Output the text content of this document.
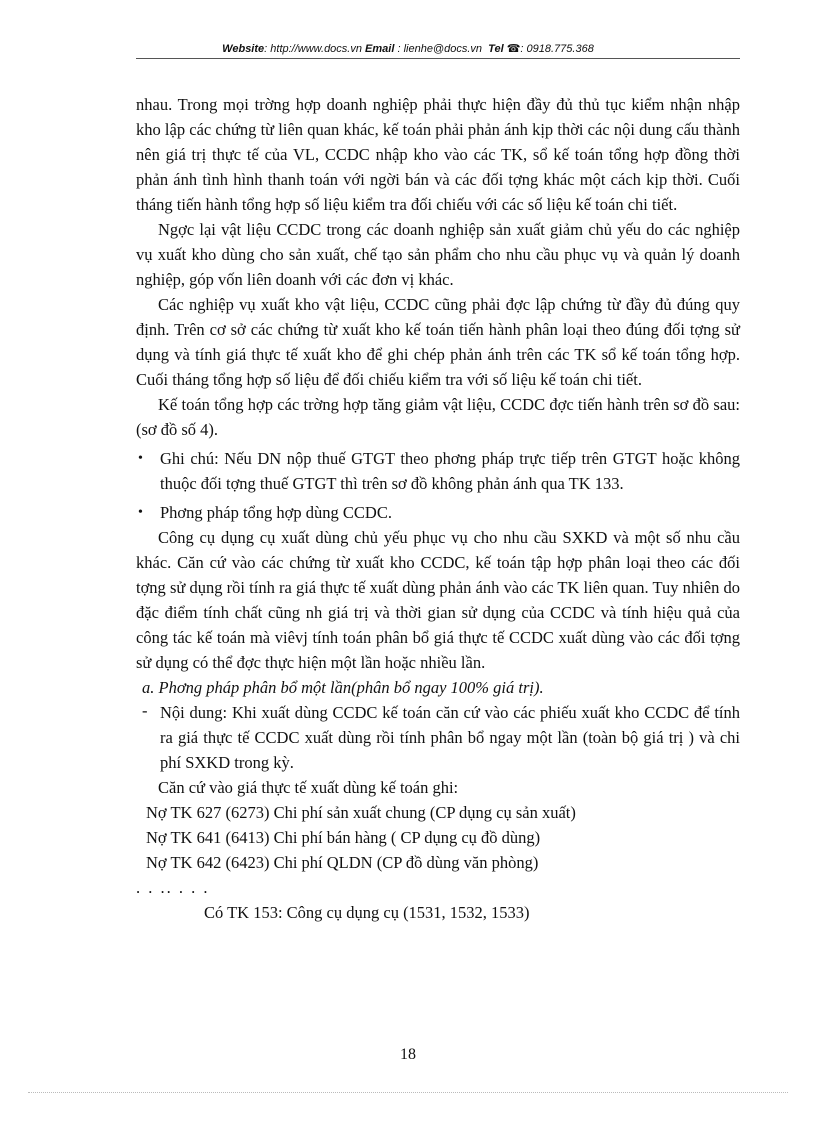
Website: http://www.docs.vn Email : lienhe@docs.vn Tel ☎: 0918.775.368

nhau. Trong mọi trờng hợp doanh nghiệp phải thực hiện đầy đủ thủ tục kiểm nhận nhập kho lập các chứng từ liên quan khác, kế toán phải phản ánh kịp thời các nội dung cấu thành nên giá trị thực tế của VL, CCDC nhập kho vào các TK, sổ kế toán tổng hợp đồng thời phản ánh tình hình thanh toán với ngời bán và các đối tợng khác một cách kịp thời. Cuối tháng tiến hành tổng hợp số liệu kiểm tra đối chiếu với các số liệu kế toán chi tiết.

Ngợc lại vật liệu CCDC trong các doanh nghiệp sản xuất giảm chủ yếu do các nghiệp vụ xuất kho dùng cho sản xuất, chế tạo sản phẩm cho nhu cầu phục vụ và quản lý doanh nghiệp, góp vốn liên doanh với các đơn vị khác.

Các nghiệp vụ xuất kho vật liệu, CCDC cũng phải đợc lập chứng từ đầy đủ đúng quy định. Trên cơ sở các chứng từ xuất kho kế toán tiến hành phân loại theo đúng đối tợng sử dụng và tính giá thực tế xuất kho để ghi chép phản ánh trên các TK sổ kế toán tổng hợp. Cuối tháng tổng hợp số liệu để đối chiếu kiểm tra với số liệu kế toán chi tiết.

Kế toán tổng hợp các trờng hợp tăng giảm vật liệu, CCDC đợc tiến hành trên sơ đồ sau: (sơ đồ số 4).

• Ghi chú: Nếu DN nộp thuế GTGT theo phơng pháp trực tiếp trên GTGT hoặc không thuộc đối tợng thuế GTGT thì trên sơ đồ không phản ánh qua TK 133.

• Phơng pháp tổng hợp dùng CCDC.

Công cụ dụng cụ xuất dùng chủ yếu phục vụ cho nhu cầu SXKD và một số nhu cầu khác. Căn cứ vào các chứng từ xuất kho CCDC, kế toán tập hợp phân loại theo các đối tợng sử dụng rồi tính ra giá thực tế xuất dùng phản ánh vào các TK liên quan. Tuy nhiên do đặc điểm tính chất cũng nh giá trị và thời gian sử dụng của CCDC và tính hiệu quả của công tác kế toán mà viêvj tính toán phân bổ giá thực tế CCDC xuất dùng vào các đối tợng sử dụng có thể đợc thực hiện một lần hoặc nhiều lần.

a. Phơng pháp phân bổ một lần(phân bổ ngay 100% giá trị).

- Nội dung: Khi xuất dùng CCDC kế toán căn cứ vào các phiếu xuất kho CCDC để tính ra giá thực tế CCDC xuất dùng rồi tính phân bổ ngay một lần (toàn bộ giá trị ) và chi phí SXKD trong kỳ.

Căn cứ vào giá thực tế xuất dùng kế toán ghi:

Nợ TK 627 (6273) Chi phí sản xuất chung (CP dụng cụ sản xuất)

Nợ TK 641 (6413) Chi phí bán hàng ( CP dụng cụ đồ dùng)

Nợ TK 642 (6423) Chi phí QLDN (CP đồ dùng văn phòng)

. . .. . . .

Có TK 153: Công cụ dụng cụ (1531, 1532, 1533)

18
